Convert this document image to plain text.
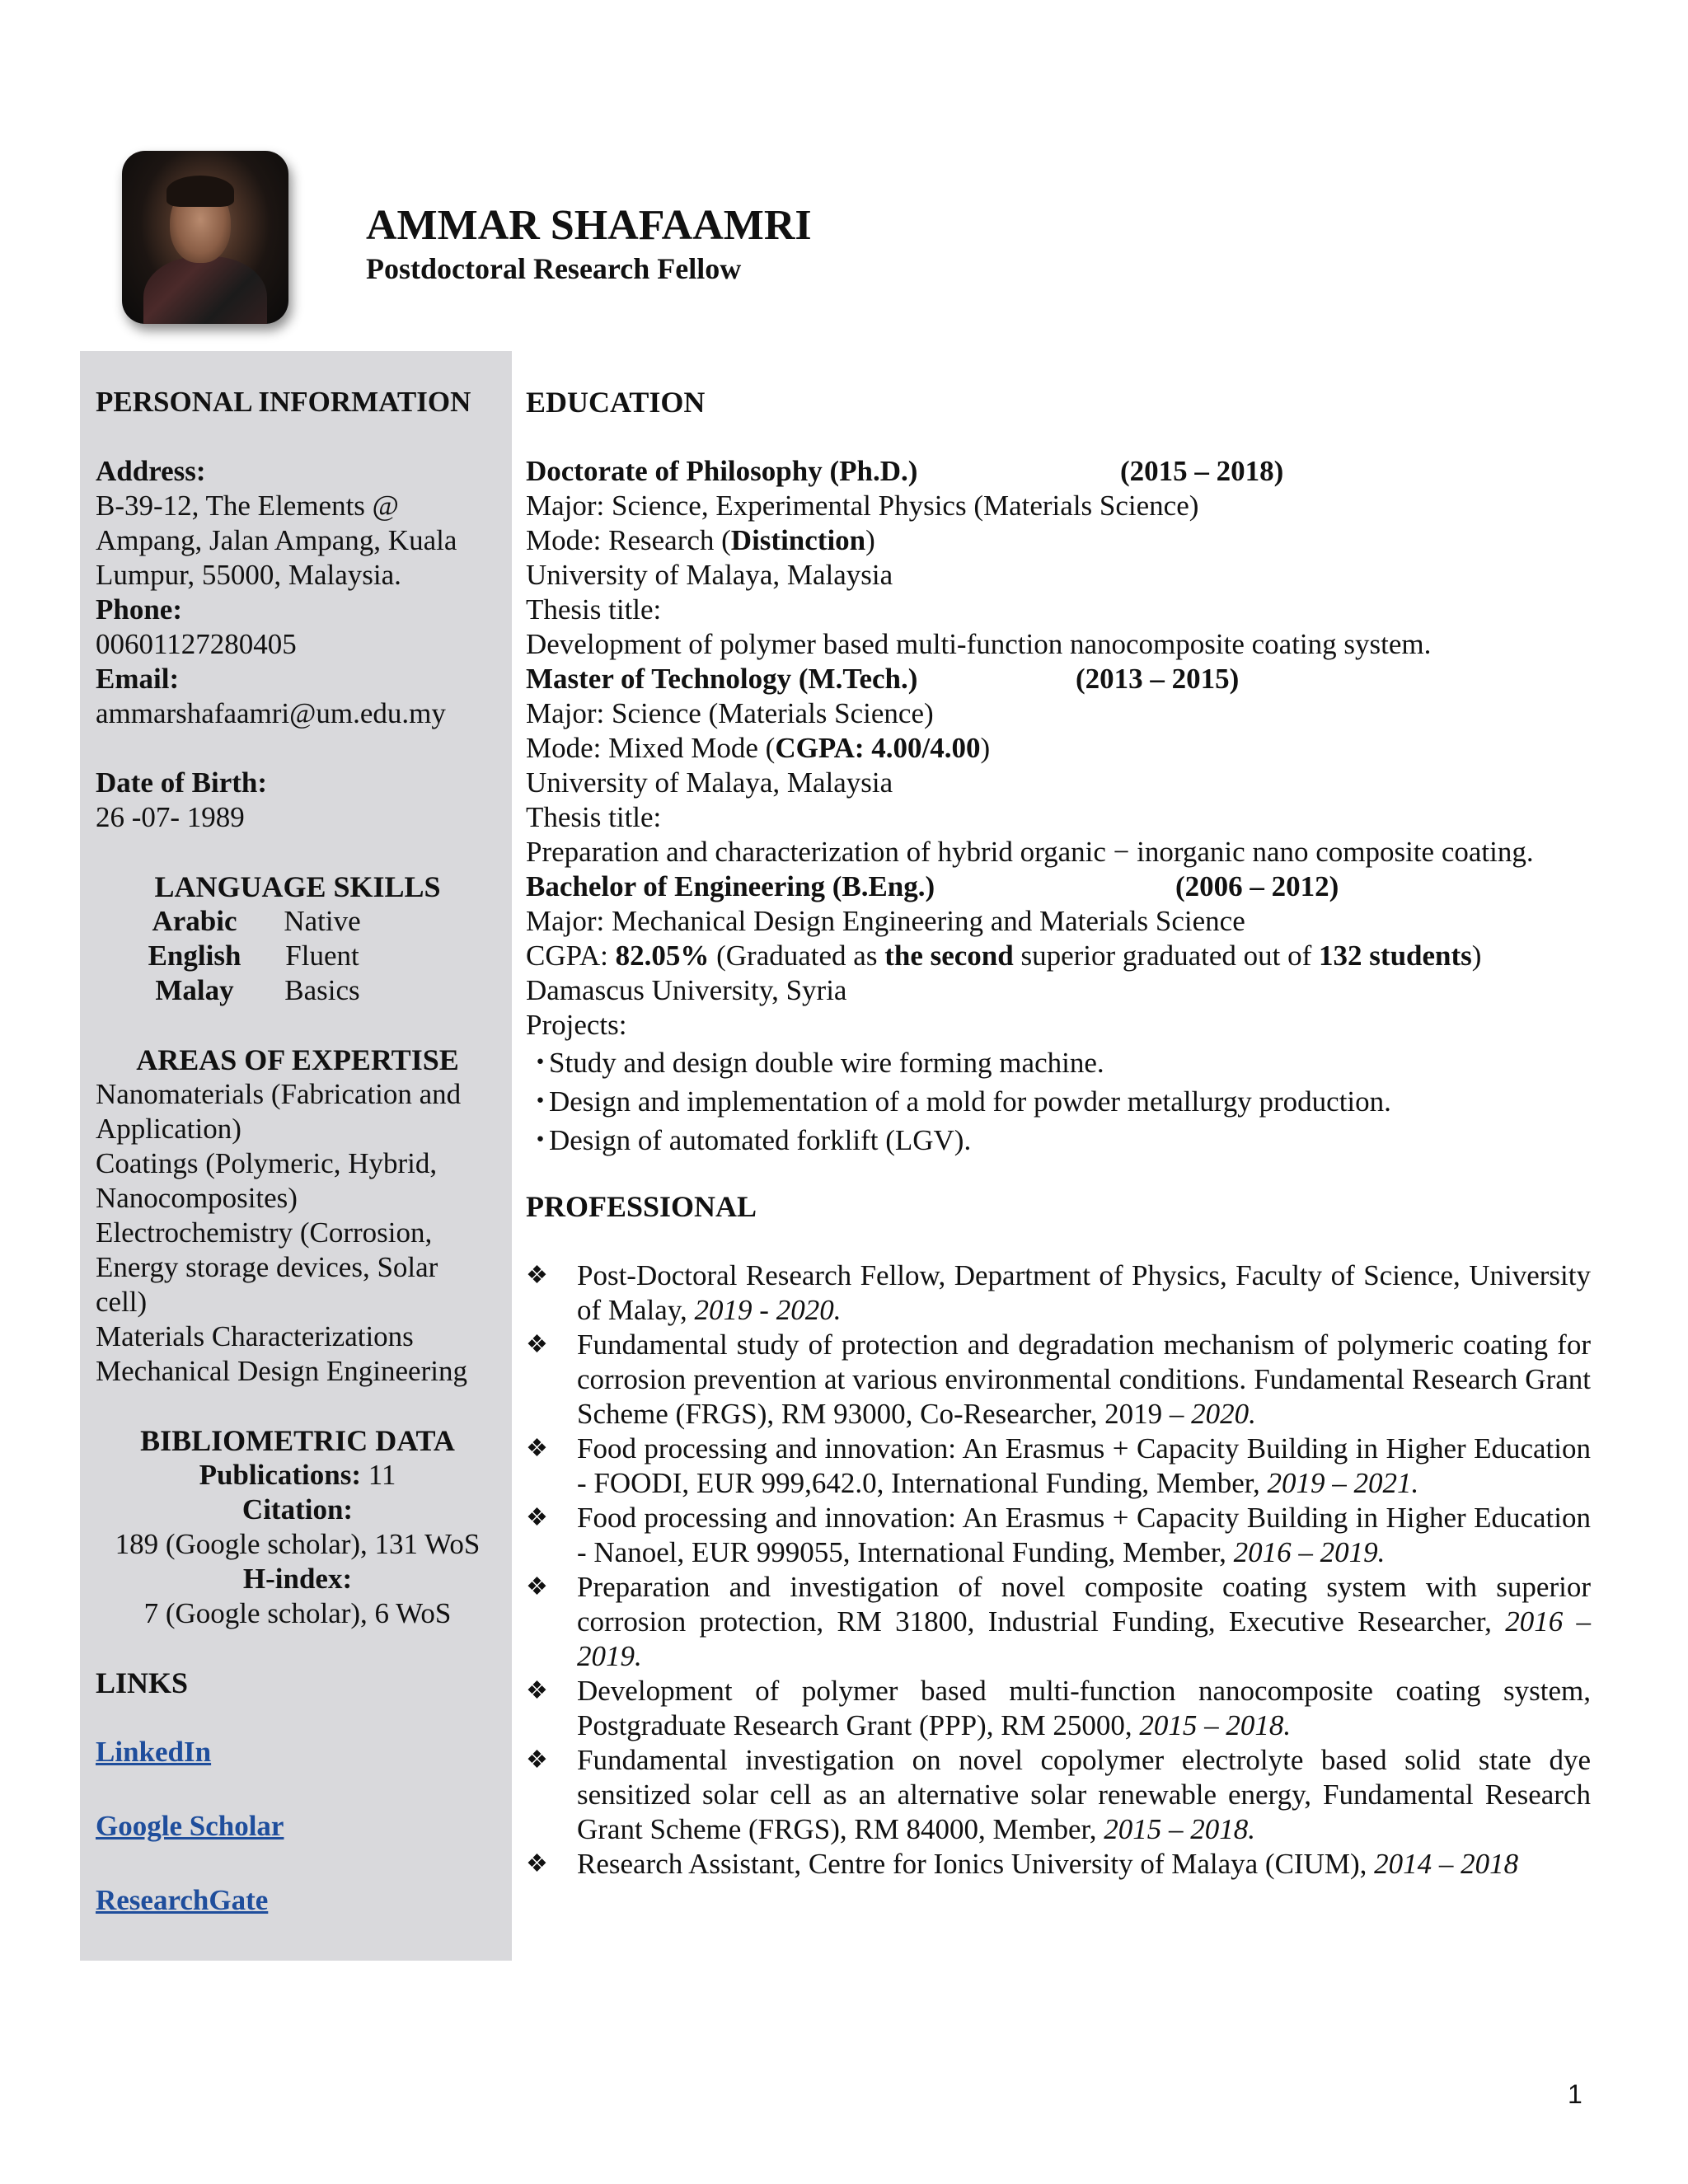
AMMAR SHAFAAMRI
Postdoctoral Research Fellow
PERSONAL INFORMATION
Address:
B-39-12, The Elements @
Ampang, Jalan Ampang, Kuala
Lumpur, 55000, Malaysia.
Phone:
00601127280405
Email:
ammarshafaamri@um.edu.my
Date of Birth:
26 -07- 1989
LANGUAGE SKILLS
Arabic	Native
English	Fluent
Malay	Basics
AREAS OF EXPERTISE
Nanomaterials (Fabrication and
Application)
Coatings (Polymeric, Hybrid,
Nanocomposites)
Electrochemistry (Corrosion,
Energy storage devices, Solar
cell)
Materials Characterizations
Mechanical Design Engineering
BIBLIOMETRIC DATA
Publications: 11
Citation:
189 (Google scholar), 131 WoS
H-index:
7 (Google scholar), 6 WoS
LINKS
LinkedIn
Google Scholar
ResearchGate
EDUCATION
Doctorate of Philosophy (Ph.D.)	(2015 – 2018)
Major: Science, Experimental Physics (Materials Science)
Mode: Research (Distinction)
University of Malaya, Malaysia
Thesis title:
Development of polymer based multi-function nanocomposite coating system.
Master of Technology (M.Tech.)	(2013 – 2015)
Major: Science (Materials Science)
Mode: Mixed Mode (CGPA: 4.00/4.00)
University of Malaya, Malaysia
Thesis title:
Preparation and characterization of hybrid organic − inorganic nano composite coating.
Bachelor of Engineering (B.Eng.)	(2006 – 2012)
Major: Mechanical Design Engineering and Materials Science
CGPA: 82.05% (Graduated as the second superior graduated out of 132 students)
Damascus University, Syria
Projects:
・
Study and design double wire forming machine.
・
Design and implementation of a mold for powder metallurgy production.
・
Design of automated forklift (LGV).
PROFESSIONAL
❖	Post-Doctoral Research Fellow, Department of Physics, Faculty of Science, University of Malay, 2019 - 2020.
❖	Fundamental study of protection and degradation mechanism of polymeric coating for corrosion prevention at various environmental conditions. Fundamental Research Grant Scheme (FRGS), RM 93000, Co-Researcher, 2019 – 2020.
❖	Food processing and innovation: An Erasmus + Capacity Building in Higher Education - FOODI, EUR 999,642.0, International Funding, Member, 2019 – 2021.
❖	Food processing and innovation: An Erasmus + Capacity Building in Higher Education - Nanoel, EUR 999055, International Funding, Member, 2016 – 2019.
❖	Preparation and investigation of novel composite coating system with superior corrosion protection, RM 31800, Industrial Funding, Executive Researcher, 2016 – 2019.
❖	Development of polymer based multi-function nanocomposite coating system, Postgraduate Research Grant (PPP), RM 25000, 2015 – 2018.
❖	Fundamental investigation on novel copolymer electrolyte based solid state dye sensitized solar cell as an alternative solar renewable energy, Fundamental Research Grant Scheme (FRGS), RM 84000, Member, 2015 – 2018.
❖	Research Assistant, Centre for Ionics University of Malaya (CIUM), 2014 – 2018
1
